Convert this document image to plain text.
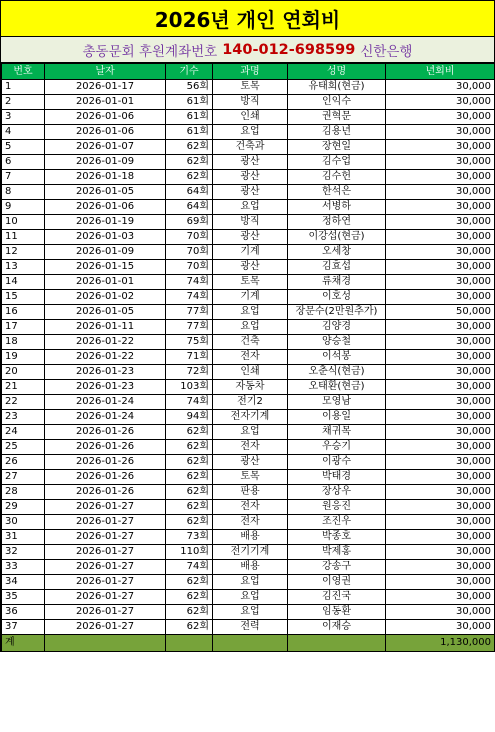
2026년 개인 연회비
총동문회 후원계좌번호 140-012-698599 신한은행
번호	날자	기수	과명	성명	년회비
1	2026-01-17	56회	토목	유태희(현금)	30,000
2	2026-01-01	61회	방직	인익수	30,000
3	2026-01-06	61회	인쇄	권혁문	30,000
4	2026-01-06	61회	요업	김용년	30,000
5	2026-01-07	62회	건축과	장현일	30,000
6	2026-01-09	62회	광산	김수업	30,000
7	2026-01-18	62회	광산	김수헌	30,000
8	2026-01-05	64회	광산	한석은	30,000
9	2026-01-06	64회	요업	서병하	30,000
10	2026-01-19	69회	방직	정하연	30,000
11	2026-01-03	70회	광산	이강섭(현금)	30,000
12	2026-01-09	70회	기계	오세창	30,000
13	2026-01-15	70회	광산	김효섭	30,000
14	2026-01-01	74회	토목	류채경	30,000
15	2026-01-02	74회	기계	이호성	30,000
16	2026-01-05	77회	요업	장문수(2만원추가)	50,000
17	2026-01-11	77회	요업	김양경	30,000
18	2026-01-22	75회	건축	양승철	30,000
19	2026-01-22	71회	전자	이석봉	30,000
20	2026-01-23	72회	인쇄	오춘식(현금)	30,000
21	2026-01-23	103회	자동차	오태환(현금)	30,000
22	2026-01-24	74회	전기2	모영남	30,000
23	2026-01-24	94회	전자기계	이용일	30,000
24	2026-01-26	62회	요업	채귀목	30,000
25	2026-01-26	62회	전자	우승기	30,000
26	2026-01-26	62회	광산	이광수	30,000
27	2026-01-26	62회	토목	박태경	30,000
28	2026-01-26	62회	판용	장상우	30,000
29	2026-01-27	62회	전자	원응진	30,000
30	2026-01-27	62회	전자	조진우	30,000
31	2026-01-27	73회	배용	박종호	30,000
32	2026-01-27	110회	전기기계	박제홍	30,000
33	2026-01-27	74회	배용	강송구	30,000
34	2026-01-27	62회	요업	이영권	30,000
35	2026-01-27	62회	요업	김진국	30,000
36	2026-01-27	62회	요업	임동환	30,000
37	2026-01-27	62회	전력	이재승	30,000
계					1,130,000
